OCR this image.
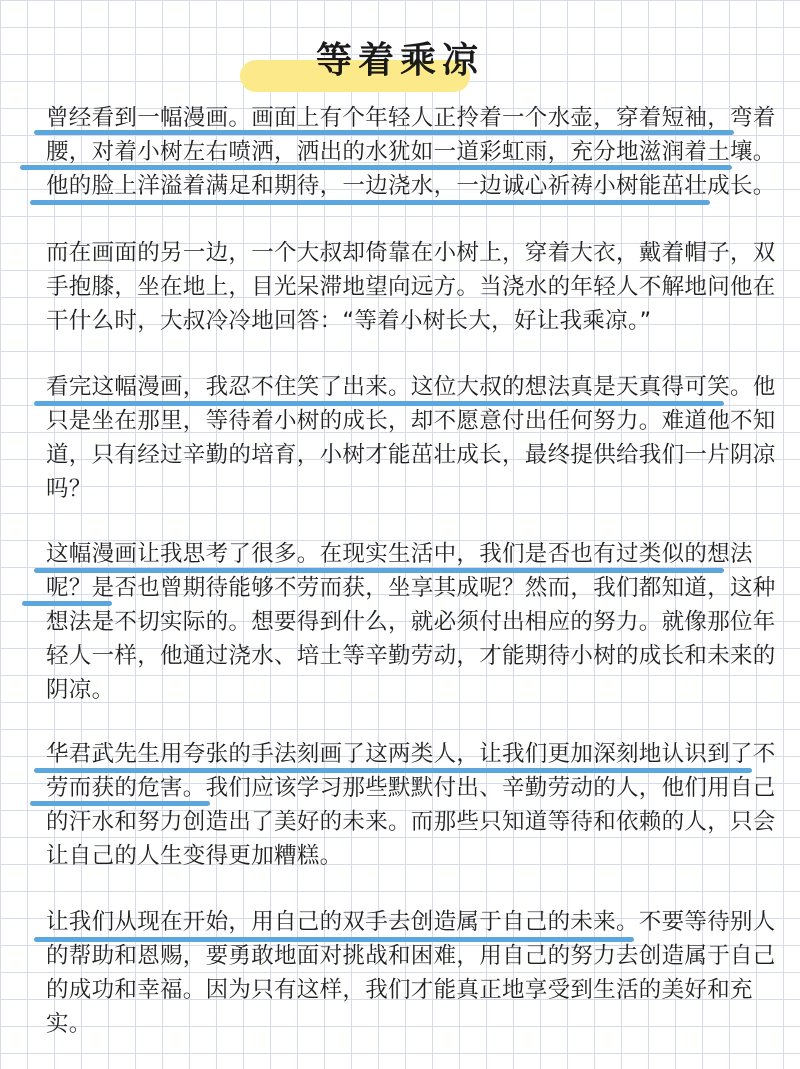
等着乘凉
曾经看到一幅漫画。画面上有个年轻人正拎着一个水壶，穿着短袖，弯着
腰，对着小树左右喷洒，洒出的水犹如一道彩虹雨，充分地滋润着土壤。
他的脸上洋溢着满足和期待，一边浇水，一边诚心祈祷小树能茁壮成长。
而在画面的另一边，一个大叔却倚靠在小树上，穿着大衣，戴着帽子，双
手抱膝，坐在地上，目光呆滞地望向远方。当浇水的年轻人不解地问他在
干什么时，大叔冷冷地回答：“等着小树长大，好让我乘凉。”
看完这幅漫画，我忍不住笑了出来。这位大叔的想法真是天真得可笑。他
只是坐在那里，等待着小树的成长，却不愿意付出任何努力。难道他不知
道，只有经过辛勤的培育，小树才能茁壮成长，最终提供给我们一片阴凉
吗？
这幅漫画让我思考了很多。在现实生活中，我们是否也有过类似的想法
呢？是否也曾期待能够不劳而获，坐享其成呢？然而，我们都知道，这种
想法是不切实际的。想要得到什么，就必须付出相应的努力。就像那位年
轻人一样，他通过浇水、培土等辛勤劳动，才能期待小树的成长和未来的
阴凉。
华君武先生用夸张的手法刻画了这两类人，让我们更加深刻地认识到了不
劳而获的危害。我们应该学习那些默默付出、辛勤劳动的人，他们用自己
的汗水和努力创造出了美好的未来。而那些只知道等待和依赖的人，只会
让自己的人生变得更加糟糕。
让我们从现在开始，用自己的双手去创造属于自己的未来。不要等待别人
的帮助和恩赐，要勇敢地面对挑战和困难，用自己的努力去创造属于自己
的成功和幸福。因为只有这样，我们才能真正地享受到生活的美好和充
实。
